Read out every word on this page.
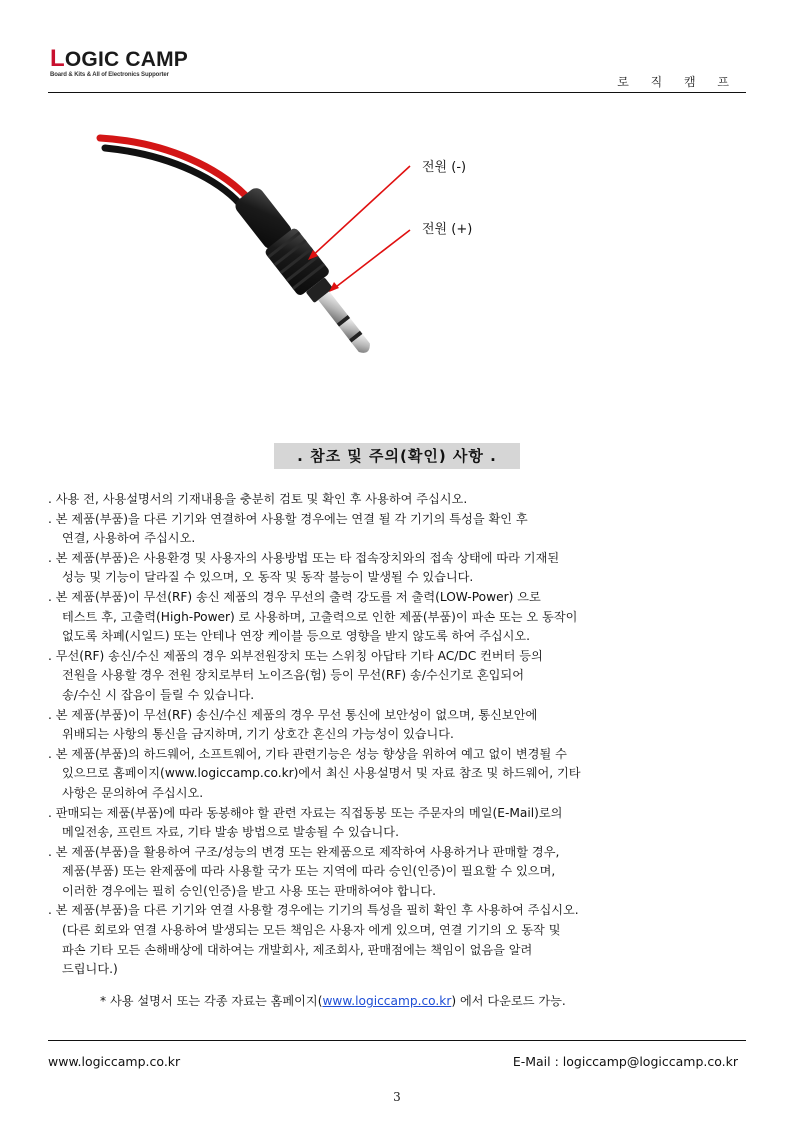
LOGIC CAMP
Board & Kits & All of Electronics Supporter	로 직 캠 프
전원 (-)
전원 (+)
. 참조 및 주의(확인) 사항 .
. 사용 전, 사용설명서의 기재내용을 충분히 검토 및 확인 후 사용하여 주십시오.
. 본 제품(부품)을 다른 기기와 연결하여 사용할 경우에는 연결 될 각 기기의 특성을 확인 후
연결, 사용하여 주십시오.
. 본 제품(부품)은 사용환경 및 사용자의 사용방법 또는 타 접속장치와의 접속 상태에 따라 기재된
성능 및 기능이 달라질 수 있으며, 오 동작 및 동작 불능이 발생될 수 있습니다.
. 본 제품(부품)이 무선(RF) 송신 제품의 경우 무선의 출력 강도를 저 출력(LOW-Power) 으로
테스트 후, 고출력(High-Power) 로 사용하며, 고출력으로 인한 제품(부품)이 파손 또는 오 동작이
없도록 차폐(시일드) 또는 안테나 연장 케이블 등으로 영향을 받지 않도록 하여 주십시오.
. 무선(RF) 송신/수신 제품의 경우 외부전원장치 또는 스위칭 아답타 기타 AC/DC 컨버터 등의
전원을 사용할 경우 전원 장치로부터 노이즈음(험) 등이 무선(RF) 송/수신기로 혼입되어
송/수신 시 잡음이 들릴 수 있습니다.
. 본 제품(부품)이 무선(RF) 송신/수신 제품의 경우 무선 통신에 보안성이 없으며, 통신보안에
위배되는 사항의 통신을 금지하며, 기기 상호간 혼신의 가능성이 있습니다.
. 본 제품(부품)의 하드웨어, 소프트웨어, 기타 관련기능은 성능 향상을 위하여 예고 없이 변경될 수
있으므로 홈페이지(www.logiccamp.co.kr)에서 최신 사용설명서 및 자료 참조 및 하드웨어, 기타
사항은 문의하여 주십시오.
. 판매되는 제품(부품)에 따라 동봉해야 할 관련 자료는 직접동봉 또는 주문자의 메일(E-Mail)로의
메일전송, 프린트 자료, 기타 발송 방법으로 발송될 수 있습니다.
. 본 제품(부품)을 활용하여 구조/성능의 변경 또는 완제품으로 제작하여 사용하거나 판매할 경우,
제품(부품) 또는 완제품에 따라 사용할 국가 또는 지역에 따라 승인(인증)이 필요할 수 있으며,
이러한 경우에는 필히 승인(인증)을 받고 사용 또는 판매하여야 합니다.
. 본 제품(부품)을 다른 기기와 연결 사용할 경우에는 기기의 특성을 필히 확인 후 사용하여 주십시오.
(다른 회로와 연결 사용하여 발생되는 모든 책임은 사용자 에게 있으며, 연결 기기의 오 동작 및
파손 기타 모든 손해배상에 대하여는 개발회사, 제조회사, 판매점에는 책임이 없음을 알려
드립니다.)
* 사용 설명서 또는 각종 자료는 홈페이지(www.logiccamp.co.kr) 에서 다운로드 가능.
www.logiccamp.co.kr	E-Mail : logiccamp@logiccamp.co.kr
3
